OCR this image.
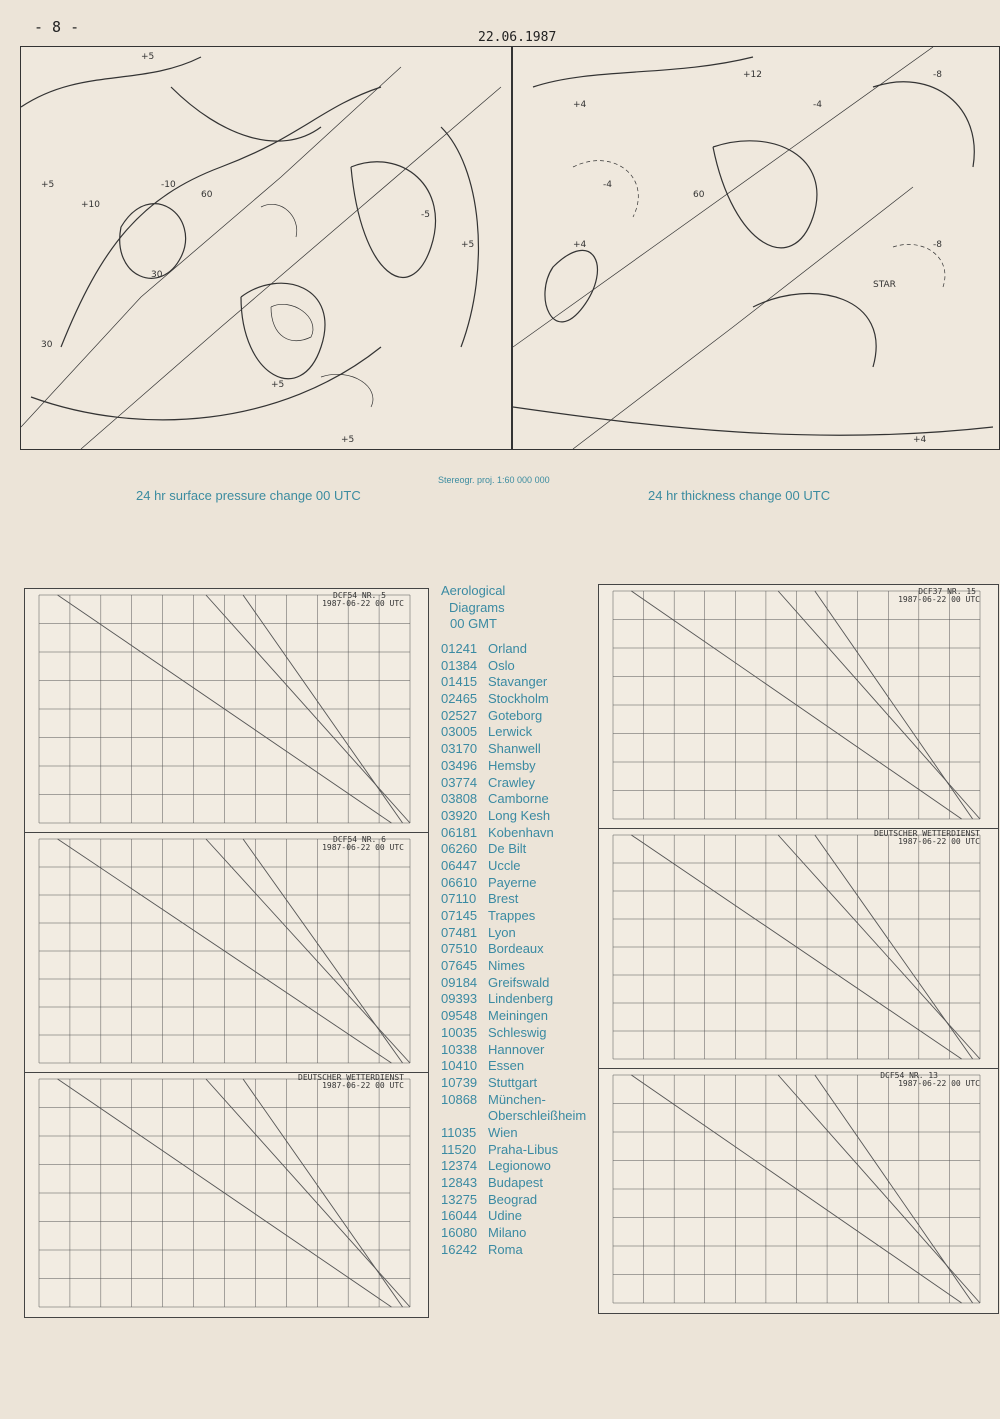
- 8 -
22.06.1987
+5
+5
+10
-10
60
30
30
-5
+5
+5
+5
+4
+12
-4
-8
-4
+4
60
STAR
-8
+4
Stereogr. proj. 1:60 000 000
24 hr surface pressure change 00 UTC	24 hr thickness change 00 UTC
Aerological
Diagrams
00 GMT
01241 Orland
01384 Oslo
01415 Stavanger
02465 Stockholm
02527 Goteborg
03005 Lerwick
03170 Shanwell
03496 Hemsby
03774 Crawley
03808 Camborne
03920 Long Kesh
06181 Kobenhavn
06260 De Bilt
06447 Uccle
06610 Payerne
07110 Brest
07145 Trappes
07481 Lyon
07510 Bordeaux
07645 Nimes
09184 Greifswald
09393 Lindenberg
09548 Meiningen
10035 Schleswig
10338 Hannover
10410 Essen
10739 Stuttgart
10868 München-
Oberschleißheim
11035 Wien
11520 Praha-Libus
12374 Legionowo
12843 Budapest
13275 Beograd
16044 Udine
16080 Milano
16242 Roma
DCF54 NR. 5
1987-06-22 00 UTC
DCF54 NR. 6
1987-06-22 00 UTC
DEUTSCHER WETTERDIENST
1987-06-22 00 UTC
DCF37 NR. 15
1987-06-22 00 UTC
DEUTSCHER WETTERDIENST
1987-06-22 00 UTC
DCF54 NR. 13
1987-06-22 00 UTC
